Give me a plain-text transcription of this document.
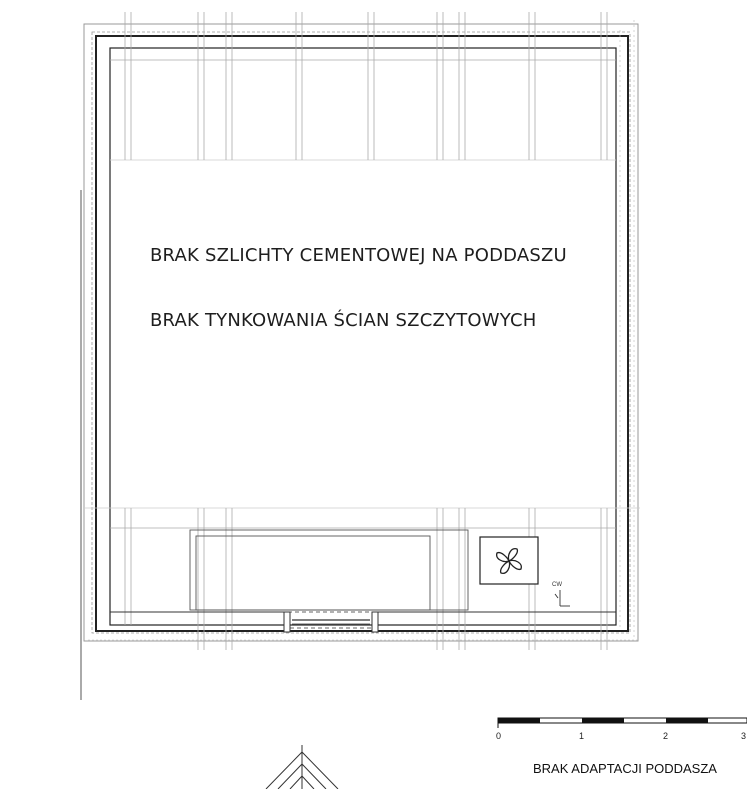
BRAK SZLICHTY CEMENTOWEJ NA PODDASZU
BRAK TYNKOWANIA ŚCIAN SZCZYTOWYCH
0	1	2	3
CW
BRAK ADAPTACJI PODDASZA
